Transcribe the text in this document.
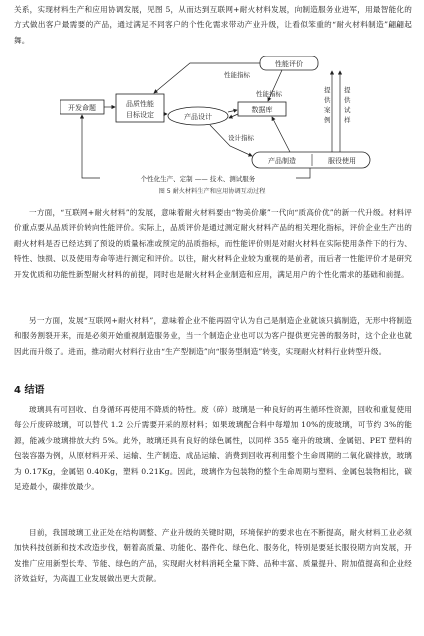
关系，实现材料生产和应用协调发展，见图 5，从而达到互联网+耐火材料发展，向制造服务业进军，用最智能化的方式做出客户最需要的产品，通过满足不同客户的个性化需求带动产业升级，让看似笨重的“耐火材料制造”翩翩起舞。

开发命题	品质性能
目标设定
性能评价
产品设计
数据库
产品制造	服役使用
性能指标
性能指标
设计指标
提
供
案
例
提
供
试
样
个性化生产、定制 —— 技术、测试服务
图 5 耐火材料生产和应用协调互动过程

一方面，“互联网+耐火材料”的发展，意味着耐火材料要由“物美价廉”一代向“质高价优”的新一代升级。材料评价重点要从品质评价转向性能评价。实际上，品质评价是通过测定耐火材料产品的相关理化指标，评价企业生产出的耐火材料是否已经达到了预设的质量标准或预定的品质指标，而性能评价则是对耐火材料在实际使用条件下的行为、特性、蚀损、以及使用寿命等进行测定和评价。以往，耐火材料企业较为重视的是前者，而后者一性能评价才是研究开发优质和功能性新型耐火材料的前提，同时也是耐火材料企业制造和应用，满足用户的个性化需求的基础和前提。

另一方面，发展“互联网+耐火材料”，意味着企业不能再固守认为自己是制造企业就该只搞制造，无形中将制造和服务割裂开来，而是必须开始重视制造服务业，当一个制造企业也可以为客户提供更完善的服务时，这个企业也就因此而升级了。进而，推动耐火材料行业由“生产型制造”向“服务型制造”转变，实现耐火材料行业转型升级。

4 结语

玻璃具有可回收、自身循环再使用不降质的特性。废（碎）玻璃是一种良好的再生循环性资源，回收和重复使用每公斤废碎玻璃，可以替代 1.2 公斤需要开采的原材料；如果玻璃配合料中每增加 10%的废玻璃，可节约 3%的能源，能减少玻璃排放大约 5%。此外，玻璃还具有良好的绿色属性，以同样 355 毫升的玻璃、金属铝、PET 塑料的包装容器为例，从原材料开采、运输、生产制造、成品运输、消费到回收再利用整个生命周期的二氧化碳排放，玻璃为 0.17Kg，金属铝 0.40Kg，塑料 0.21Kg。因此，玻璃作为包装物的整个生命周期与塑料、金属包装物相比，碳足迹最小，碳排放最少。

目前，我国玻璃工业正处在结构调整、产业升级的关键时期，环境保护的要求也在不断提高，耐火材料工业必须加快科技创新和技术改造步伐，朝着高质量、功能化、器件化、绿色化、服务化，特别是要延长服役期方向发展，开发推广应用新型长寿、节能、绿色的产品，实现耐火材料消耗全量下降、品种丰富、质量提升、附加值提高和企业经济效益好，为高温工业发展做出更大贡献。
